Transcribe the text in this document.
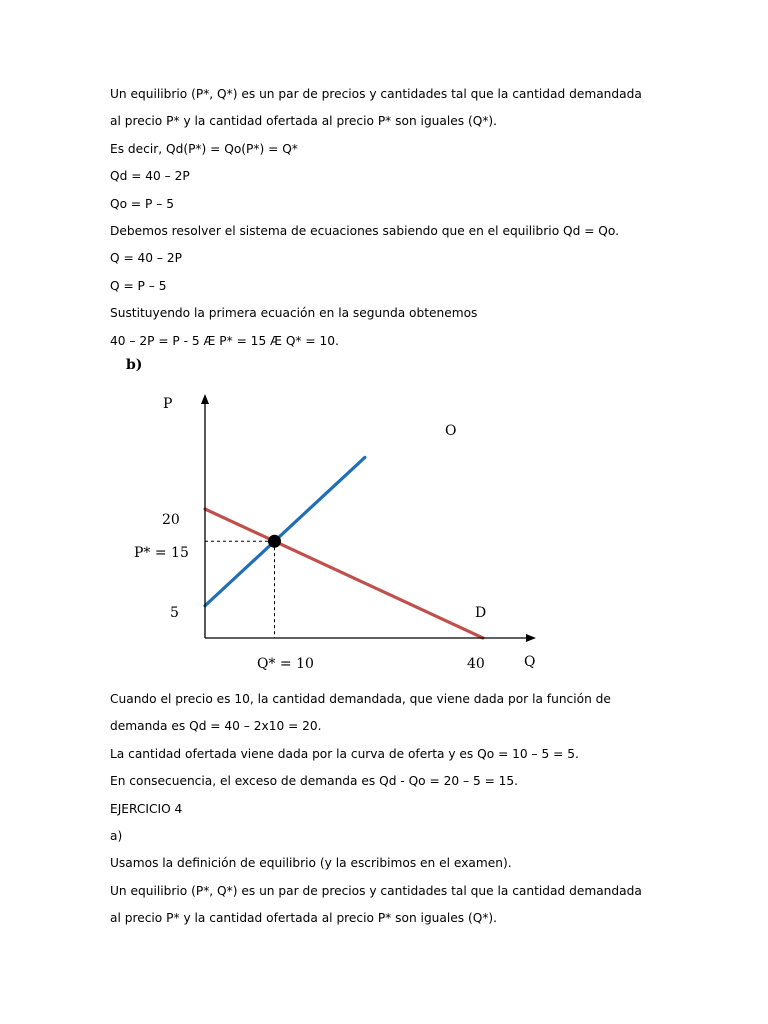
Un equilibrio (P*, Q*) es un par de precios y cantidades tal que la cantidad demandada
al precio P* y la cantidad ofertada al precio P* son iguales (Q*).
Es decir, Qd(P*) = Qo(P*) = Q*
Qd = 40 – 2P
Qo = P – 5
Debemos resolver el sistema de ecuaciones sabiendo que en el equilibrio Qd = Qo.
Q = 40 – 2P
Q = P – 5
Sustituyendo la primera ecuación en la segunda obtenemos
40 – 2P = P - 5 Æ P* = 15 Æ Q* = 10.
b)
P
Q
20
P* = 15
5
Q* = 10	40
O
D
Cuando el precio es 10, la cantidad demandada, que viene dada por la función de
demanda es Qd = 40 – 2x10 = 20.
La cantidad ofertada viene dada por la curva de oferta y es Qo = 10 – 5 = 5.
En consecuencia, el exceso de demanda es Qd - Qo = 20 – 5 = 15.
EJERCICIO 4
a)
Usamos la definición de equilibrio (y la escribimos en el examen).
Un equilibrio (P*, Q*) es un par de precios y cantidades tal que la cantidad demandada
al precio P* y la cantidad ofertada al precio P* son iguales (Q*).
